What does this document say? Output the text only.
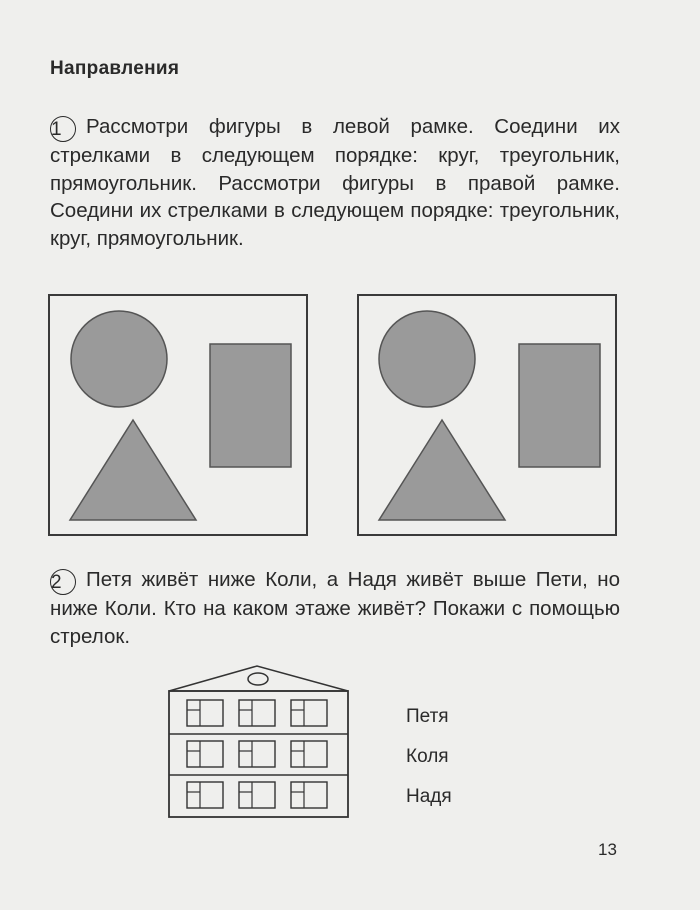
Направления
1 Рассмотри фигуры в левой рамке. Соедини их стрелками в следующем порядке: круг, треугольник, прямоугольник. Рассмотри фигуры в правой рамке. Соедини их стрелками в следующем порядке: треугольник, круг, прямоугольник.
2 Петя живёт ниже Коли, а Надя живёт выше Пети, но ниже Коли. Кто на каком этаже живёт? Покажи с помощью стрелок.
Петя
Коля
Надя
13
